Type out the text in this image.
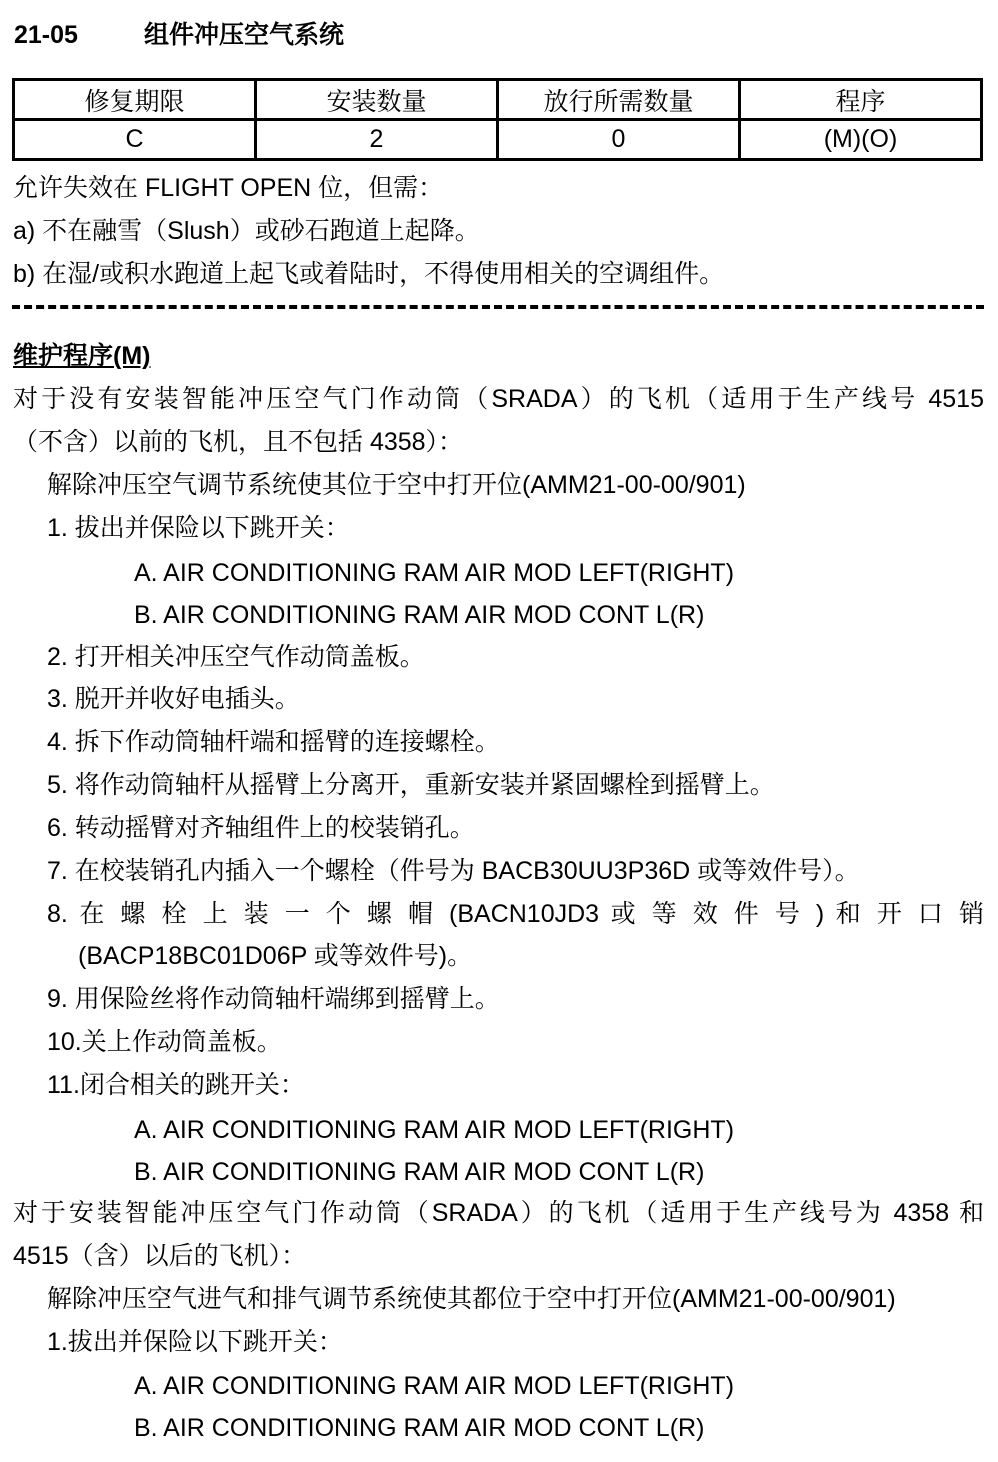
21-05	组件冲压空气系统
修复期限	安装数量	放行所需数量	程序
C	2	0	(M)(O)
允许失效在 FLIGHT OPEN 位，但需：
a) 不在融雪（Slush）或砂石跑道上起降。
b) 在湿/或积水跑道上起飞或着陆时，不得使用相关的空调组件。
维护程序(M)
对于没有安装智能冲压空气门作动筒（SRADA）的飞机（适用于生产线号 4515
（不含）以前的飞机，且不包括 4358）：
解除冲压空气调节系统使其位于空中打开位(AMM21-00-00/901)
1. 拔出并保险以下跳开关：
A. AIR CONDITIONING RAM AIR MOD LEFT(RIGHT)
B. AIR CONDITIONING RAM AIR MOD CONT L(R)
2. 打开相关冲压空气作动筒盖板。
3. 脱开并收好电插头。
4. 拆下作动筒轴杆端和摇臂的连接螺栓。
5. 将作动筒轴杆从摇臂上分离开，重新安装并紧固螺栓到摇臂上。
6. 转动摇臂对齐轴组件上的校装销孔。
7. 在校装销孔内插入一个螺栓（件号为 BACB30UU3P36D 或等效件号）。
8. 在 螺 栓 上 装 一 个 螺 帽 (BACN10JD3 或 等 效 件 号 ) 和 开 口 销
(BACP18BC01D06P 或等效件号)。
9. 用保险丝将作动筒轴杆端绑到摇臂上。
10.关上作动筒盖板。
11.闭合相关的跳开关：
A. AIR CONDITIONING RAM AIR MOD LEFT(RIGHT)
B. AIR CONDITIONING RAM AIR MOD CONT L(R)
对于安装智能冲压空气门作动筒（SRADA）的飞机（适用于生产线号为 4358 和
4515（含）以后的飞机）：
解除冲压空气进气和排气调节系统使其都位于空中打开位(AMM21-00-00/901)
1.拔出并保险以下跳开关：
A. AIR CONDITIONING RAM AIR MOD LEFT(RIGHT)
B. AIR CONDITIONING RAM AIR MOD CONT L(R)
